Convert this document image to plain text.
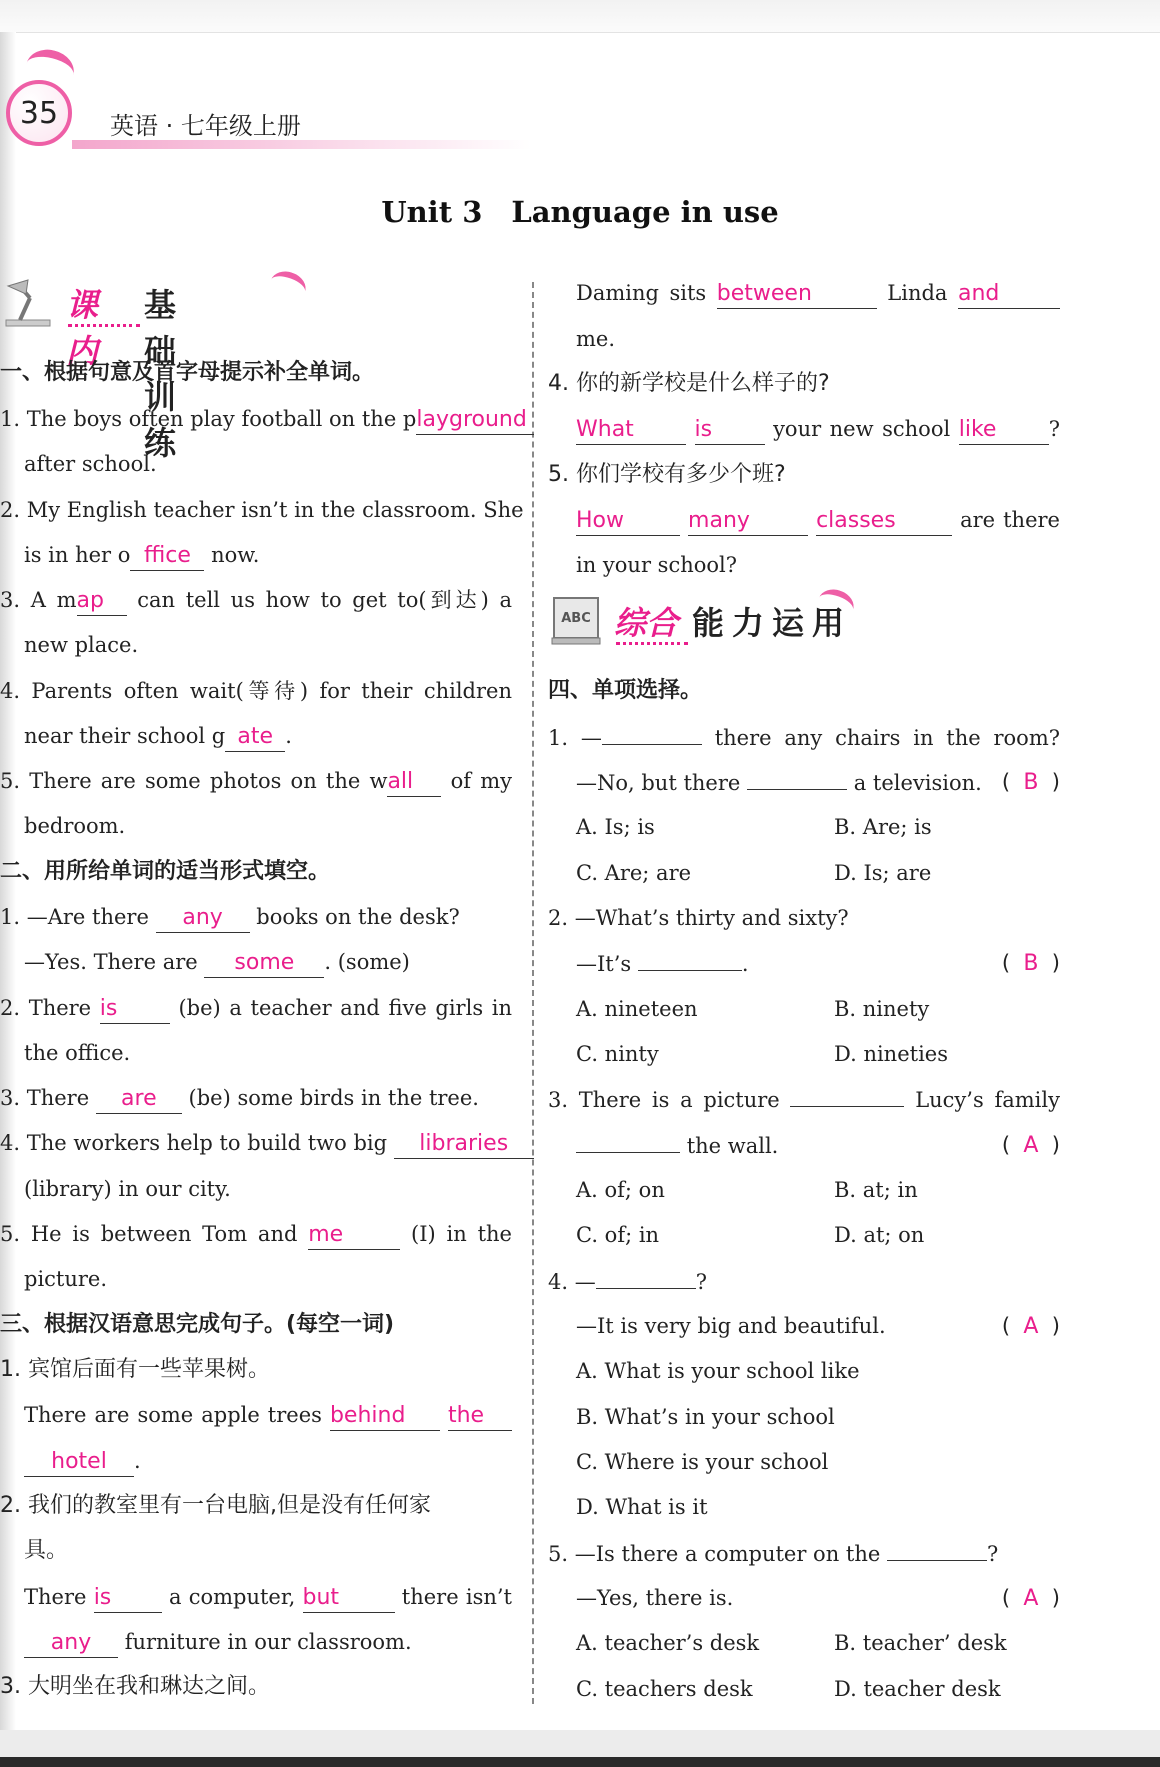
35 英语 · 七年级上册
Unit 3　Language in use
课内
基础训练
一、根据句意及首字母提示补全单词。
1. The boys often play football on the playground
after school.
2. My English teacher isn’t in the classroom. She
is in her o ffice now.
3. A map can tell us how to get to(到达) a
new place.
4. Parents often wait(等待) for their children
near their school g ate .
5. There are some photos on the wall of my
bedroom.
二、用所给单词的适当形式填空。
1. —Are there any books on the desk?
—Yes. There are some . (some)
2. There is	(be) a teacher and five girls in
the office.
3. There are (be) some birds in the tree.
4. The workers help to build two big libraries
(library) in our city.
5. He is between Tom and me	(I) in the
picture.
三、根据汉语意思完成句子。(每空一词)
1. 宾馆后面有一些苹果树。
There are some apple trees behind the
hotel .
2. 我们的教室里有一台电脑,但是没有任何家
具。
There is	a computer, but	there isn’t
any furniture in our classroom.
3. 大明坐在我和琳达之间。
Daming sits between	Linda and
me.
4. 你的新学校是什么样子的?
What	is	your new school like ?
5. 你们学校有多少个班?
How	many	classes	are there
in your school?
ABC 综合 能力运用
四、单项选择。
1. —	there any chairs in the room?
—No, but there	a television. (  B  )
A. Is; is	B. Are; is
C. Are; are	D. Is; are
2. —What’s thirty and sixty?
—It’s	.	(  B  )
A. nineteen	B. ninety
C. ninty	D. nineties
3. There is a picture	Lucy’s family
the wall.	(  A  )
A. of; on	B. at; in
C. of; in	D. at; on
4. —	?
—It is very big and beautiful.	(  A  )
A. What is your school like
B. What’s in your school
C. Where is your school
D. What is it
5. —Is there a computer on the	?
—Yes, there is.	(  A  )
A. teacher’s desk	B. teacher’ desk
C. teachers desk	D. teacher desk
